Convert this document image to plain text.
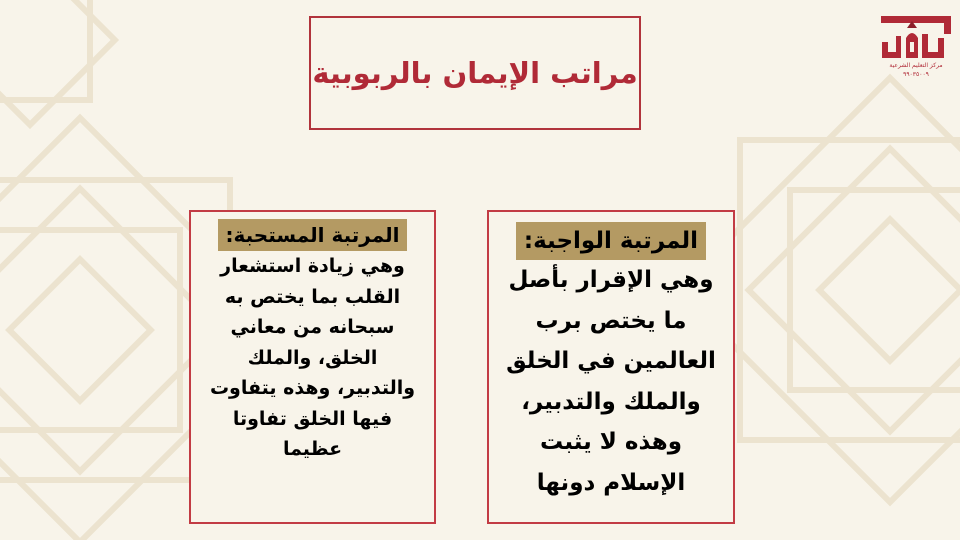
مراتب الإيمان بالربوبية
المرتبة الواجبة:
وهي الإقرار بأصل
ما يختص برب
العالمين في الخلق
والملك والتدبير،
وهذه لا يثبت
الإسلام دونها
المرتبة المستحبة:
وهي زيادة استشعار
القلب بما يختص به
سبحانه من معاني
الخلق، والملك
والتدبير، وهذه يتفاوت
فيها الخلق تفاوتا
عظيما
مركز التعليم الشرعية
٩٩٠٣٥٠٠٩
